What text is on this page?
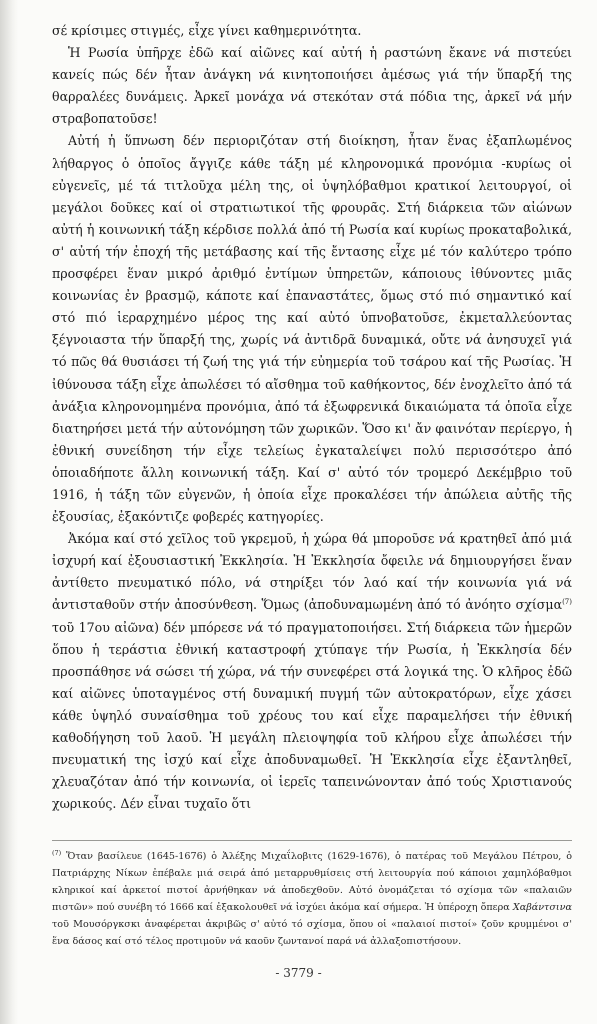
σέ κρίσιμες στιγμές, εἶχε γίνει καθημερινότητα.

Ἡ Ρωσία ὑπῆρχε ἐδῶ καί αἰῶνες καί αὐτή ἡ ραστώνη ἔκανε νά πιστεύει κανείς πώς δέν ἦταν ἀνάγκη νά κινητοποιήσει ἀμέσως γιά τήν ὕπαρξή της θαρραλέες δυνάμεις. Ἀρκεῖ μονάχα νά στεκόταν στά πόδια της, ἀρκεῖ νά μήν στραβοπατοῦσε!

Αὐτή ἡ ὕπνωση δέν περιοριζόταν στή διοίκηση, ἦταν ἕνας ἐξαπλωμένος λήθαργος ὁ ὁποῖος ἄγγιζε κάθε τάξη μέ κληρονομικά προνόμια -κυρίως οἱ εὐγενεῖς, μέ τά τιτλοῦχα μέλη της, οἱ ὑψηλόβαθμοι κρατικοί λειτουργοί, οἱ μεγάλοι δοῦκες καί οἱ στρατιωτικοί τῆς φρουρᾶς. Στή διάρκεια τῶν αἰώνων αὐτή ἡ κοινωνική τάξη κέρδισε πολλά ἀπό τή Ρωσία καί κυρίως προκαταβολικά, σ' αὐτή τήν ἐποχή τῆς μετάβασης καί τῆς ἔντασης εἶχε μέ τόν καλύτερο τρόπο προσφέρει ἕναν μικρό ἀριθμό ἐντίμων ὑπηρετῶν, κάποιους ἰθύνοντες μιᾶς κοινωνίας ἐν βρασμῷ, κάποτε καί ἐπαναστάτες, ὅμως στό πιό σημαντικό καί στό πιό ἱεραρχημένο μέρος της καί αὐτό ὑπνοβατοῦσε, ἐκμεταλλεύοντας ξέγνοιαστα τήν ὕπαρξή της, χωρίς νά ἀντιδρᾶ δυναμικά, οὔτε νά ἀνησυχεῖ γιά τό πῶς θά θυσιάσει τή ζωή της γιά τήν εὐημερία τοῦ τσάρου καί τῆς Ρωσίας. Ἡ ἰθύνουσα τάξη εἶχε ἀπωλέσει τό αἴσθημα τοῦ καθήκοντος, δέν ἐνοχλεῖτο ἀπό τά ἀνάξια κληρονομημένα προνόμια, ἀπό τά ἐξωφρενικά δικαιώματα τά ὁποῖα εἶχε διατηρήσει μετά τήν αὐτονόμηση τῶν χωρικῶν. Ὅσο κι' ἄν φαινόταν περίεργο, ἡ ἐθνική συνείδηση τήν εἶχε τελείως ἐγκαταλείψει πολύ περισσότερο ἀπό ὁποιαδήποτε ἄλλη κοινωνική τάξη. Καί σ' αὐτό τόν τρομερό Δεκέμβριο τοῦ 1916, ἡ τάξη τῶν εὐγενῶν, ἡ ὁποία εἶχε προκαλέσει τήν ἀπώλεια αὐτῆς τῆς ἐξουσίας, ἐξακόντιζε φοβερές κατηγορίες.

Ἀκόμα καί στό χεῖλος τοῦ γκρεμοῦ, ἡ χώρα θά μποροῦσε νά κρατηθεῖ ἀπό μιά ἰσχυρή καί ἐξουσιαστική Ἐκκλησία. Ἡ Ἐκκλησία ὄφειλε νά δημιουργήσει ἕναν ἀντίθετο πνευματικό πόλο, νά στηρίξει τόν λαό καί τήν κοινωνία γιά νά ἀντισταθοῦν στήν ἀποσύνθεση. Ὅμως (ἀποδυναμωμένη ἀπό τό ἀνόητο σχίσμα$^{(7)}$ τοῦ 17ου αἰῶνα) δέν μπόρεσε νά τό πραγματοποιήσει. Στή διάρκεια τῶν ἡμερῶν ὅπου ἡ τεράστια ἐθνική καταστροφή χτύπαγε τήν Ρωσία, ἡ Ἐκκλησία δέν προσπάθησε νά σώσει τή χώρα, νά τήν συνεφέρει στά λογικά της. Ὁ κλῆρος ἐδῶ καί αἰῶνες ὑποταγμένος στή δυναμική πυγμή τῶν αὐτοκρατόρων, εἶχε χάσει κάθε ὑψηλό συναίσθημα τοῦ χρέους του καί εἶχε παραμελήσει τήν ἐθνική καθοδήγηση τοῦ λαοῦ. Ἡ μεγάλη πλειοψηφία τοῦ κλήρου εἶχε ἀπωλέσει τήν πνευματική της ἰσχύ καί εἶχε ἀποδυναμωθεῖ. Ἡ Ἐκκλησία εἶχε ἐξαντληθεῖ, χλευαζόταν ἀπό τήν κοινωνία, οἱ ἱερεῖς ταπεινώνονταν ἀπό τούς Χριστιανούς χωρικούς. Δέν εἶναι τυχαῖο ὅτι

$^{(7)}$ Ὅταν βασίλευε (1645-1676) ὁ Ἀλέξης Μιχαΐλοβιτς (1629-1676), ὁ πατέρας τοῦ Μεγάλου Πέτρου, ὁ Πατριάρχης Νίκων ἐπέβαλε μιά σειρά ἀπό μεταρρυθμίσεις στή λειτουργία πού κάποιοι χαμηλόβαθμοι κληρικοί καί ἀρκετοί πιστοί ἀρνήθηκαν νά ἀποδεχθοῦν. Αὐτό ὀνομάζεται τό σχίσμα τῶν «παλαιῶν πιστῶν» πού συνέβη τό 1666 καί ἐξακολουθεῖ νά ἰσχύει ἀκόμα καί σήμερα. Ἡ ὑπέροχη ὄπερα Χαβάντσινα τοῦ Μουσόργκσκι ἀναφέρεται ἀκριβῶς σ' αὐτό τό σχίσμα, ὅπου οἱ «παλαιοί πιστοί» ζοῦν κρυμμένοι σ' ἕνα δάσος καί στό τέλος προτιμοῦν νά καοῦν ζωντανοί παρά νά ἀλλαξοπιστήσουν.

- 3779 -
